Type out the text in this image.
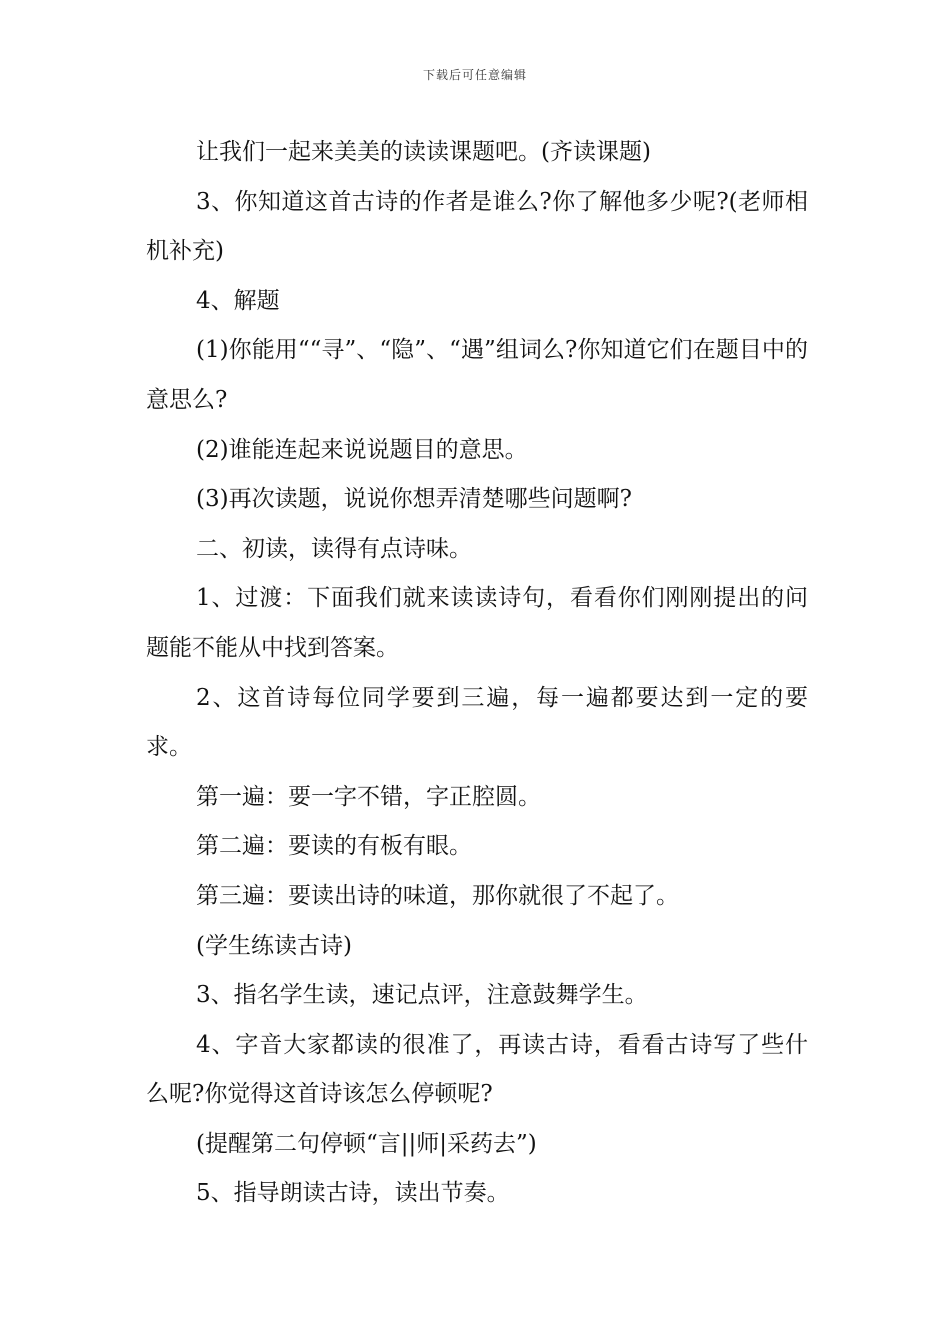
下载后可任意编辑

让我们一起来美美的读读课题吧。(齐读课题)

3、你知道这首古诗的作者是谁么?你了解他多少呢?(老师相机补充)

4、解题

(1)你能用““寻”、“隐”、“遇”组词么?你知道它们在题目中的意思么?

(2)谁能连起来说说题目的意思。

(3)再次读题，说说你想弄清楚哪些问题啊?

二、初读，读得有点诗味。

1、过渡：下面我们就来读读诗句，看看你们刚刚提出的问题能不能从中找到答案。

2、这首诗每位同学要到三遍，每一遍都要达到一定的要求。

第一遍：要一字不错，字正腔圆。

第二遍：要读的有板有眼。

第三遍：要读出诗的味道，那你就很了不起了。

(学生练读古诗)

3、指名学生读，速记点评，注意鼓舞学生。

4、字音大家都读的很准了，再读古诗，看看古诗写了些什么呢?你觉得这首诗该怎么停顿呢?

(提醒第二句停顿“言||师|采药去”)

5、指导朗读古诗，读出节奏。
